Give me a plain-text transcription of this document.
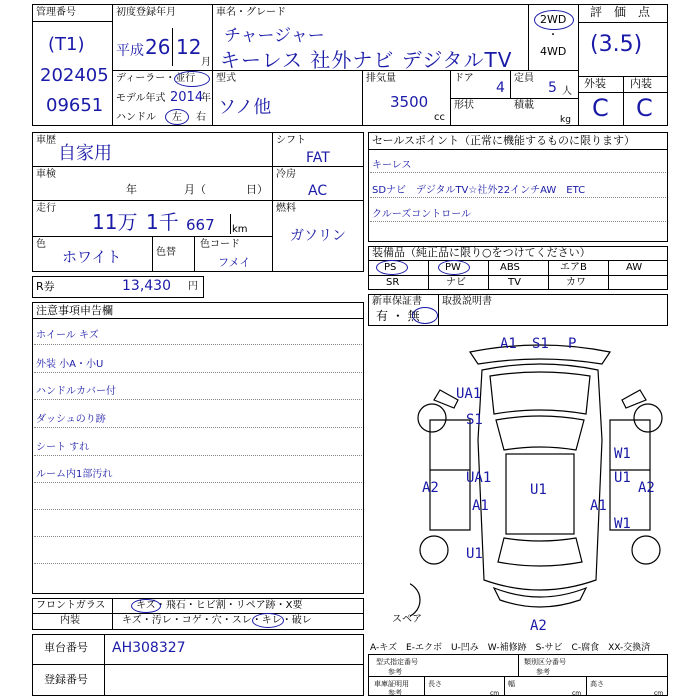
管理番号
(T1)
202405
09651
初度登録年月
平成 26 12
月
車名・グレード
チャージャー
キーレス 社外ナビ デジタルTV
2WD
・
4WD
評　価　点
(3.5)
外装 内装
C C
ディーラー・並行
モデル年式 2014
年
ハンドル 左 右
型式
ソノ他
排気量
3500
cc
ドア
4
定員
5 人
形状	積載
kg
車歴
自家用
車検
年	月（	日）
走行
11万 1千 667 km
色
ホワイト	色替
色コード
フメイ
シフト
FAT
冷房
AC
燃料
ガソリン
R券	13,430 円
セールスポイント（正常に機能するものに限ります）
キーレス
SDナビ　デジタルTV☆社外22インチAW　ETC
クルーズコントロール
装備品（純正品に限り○をつけてください）
PS	PW	ABS	エアB	AW
SR	ナビ	TV	カワ
新車保証書
有 ・ 無
取扱説明書
注意事項申告欄
ホイール キズ
外装 小A・小U
ハンドルカバー付
ダッシュのり跡
シート すれ
ルーム内1部汚れ
スペア
A1 S1 P
UA1
S1
W1
U1
A2
UA1
U1	A2
A1	A1
W1
U1
A2
フロントガラス	キズ・飛石・ヒビ割・リペア跡・X要
内装	キズ・汚レ・コゲ・穴・スレ・キレ・破レ
A-キズ　E-エクボ　U-凹み　W-補修跡　S-サビ　C-腐食　XX-交換済
車台番号 AH308327
登録番号
型式指定番号
参考
類別区分番号
参考
車庫証明用
参考
長さ
cm
幅
cm
高さ
cm
